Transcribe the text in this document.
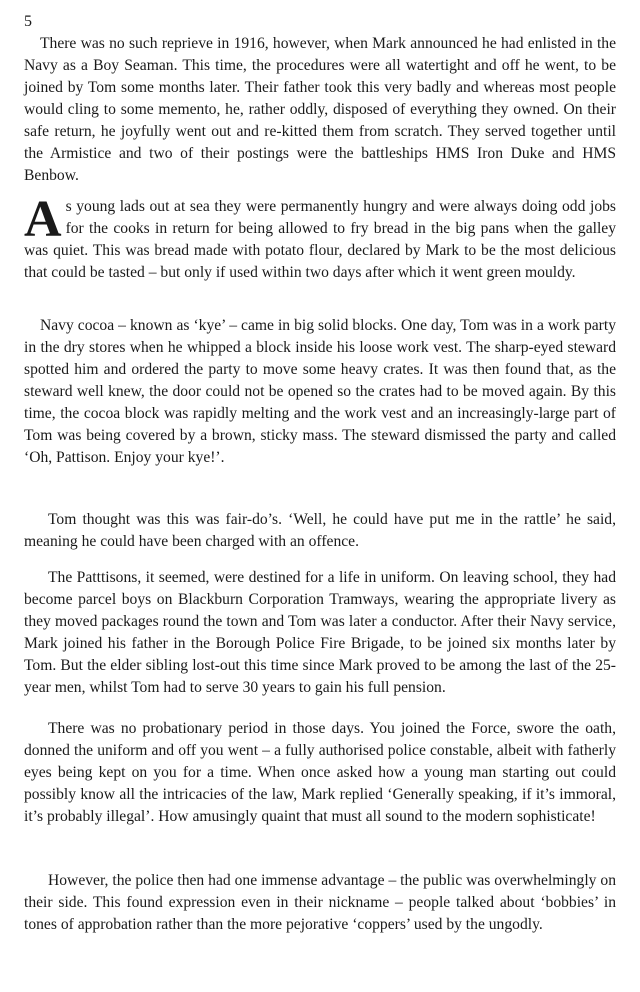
5

There was no such reprieve in 1916, however, when Mark announced he had enlisted in the Navy as a Boy Seaman. This time, the procedures were all watertight and off he went, to be joined by Tom some months later. Their father took this very badly and whereas most people would cling to some memento, he, rather oddly, disposed of everything they owned. On their safe return, he joyfully went out and re-kitted them from scratch. They served together until the Armistice and two of their postings were the battleships HMS Iron Duke and HMS Benbow.

As young lads out at sea they were permanently hungry and were always doing odd jobs for the cooks in return for being allowed to fry bread in the big pans when the galley was quiet. This was bread made with potato flour, declared by Mark to be the most delicious that could be tasted – but only if used within two days after which it went green mouldy.

Navy cocoa – known as ‘kye’ – came in big solid blocks. One day, Tom was in a work party in the dry stores when he whipped a block inside his loose work vest. The sharp-eyed steward spotted him and ordered the party to move some heavy crates. It was then found that, as the steward well knew, the door could not be opened so the crates had to be moved again. By this time, the cocoa block was rapidly melting and the work vest and an increasingly-large part of Tom was being covered by a brown, sticky mass. The steward dismissed the party and called ‘Oh, Pattison. Enjoy your kye!’.

Tom thought was this was fair-do’s. ‘Well, he could have put me in the rattle’ he said, meaning he could have been charged with an offence.

The Patttisons, it seemed, were destined for a life in uniform. On leaving school, they had become parcel boys on Blackburn Corporation Tramways, wearing the appropriate livery as they moved packages round the town and Tom was later a conductor. After their Navy service, Mark joined his father in the Borough Police Fire Brigade, to be joined six months later by Tom. But the elder sibling lost-out this time since Mark proved to be among the last of the 25-year men, whilst Tom had to serve 30 years to gain his full pension.

There was no probationary period in those days. You joined the Force, swore the oath, donned the uniform and off you went – a fully authorised police constable, albeit with fatherly eyes being kept on you for a time. When once asked how a young man starting out could possibly know all the intricacies of the law, Mark replied ‘Generally speaking, if it’s immoral, it’s probably illegal’. How amusingly quaint that must all sound to the modern sophisticate!

However, the police then had one immense advantage – the public was overwhelmingly on their side. This found expression even in their nickname – people talked about ‘bobbies’ in tones of approbation rather than the more pejorative ‘coppers’ used by the ungodly.
